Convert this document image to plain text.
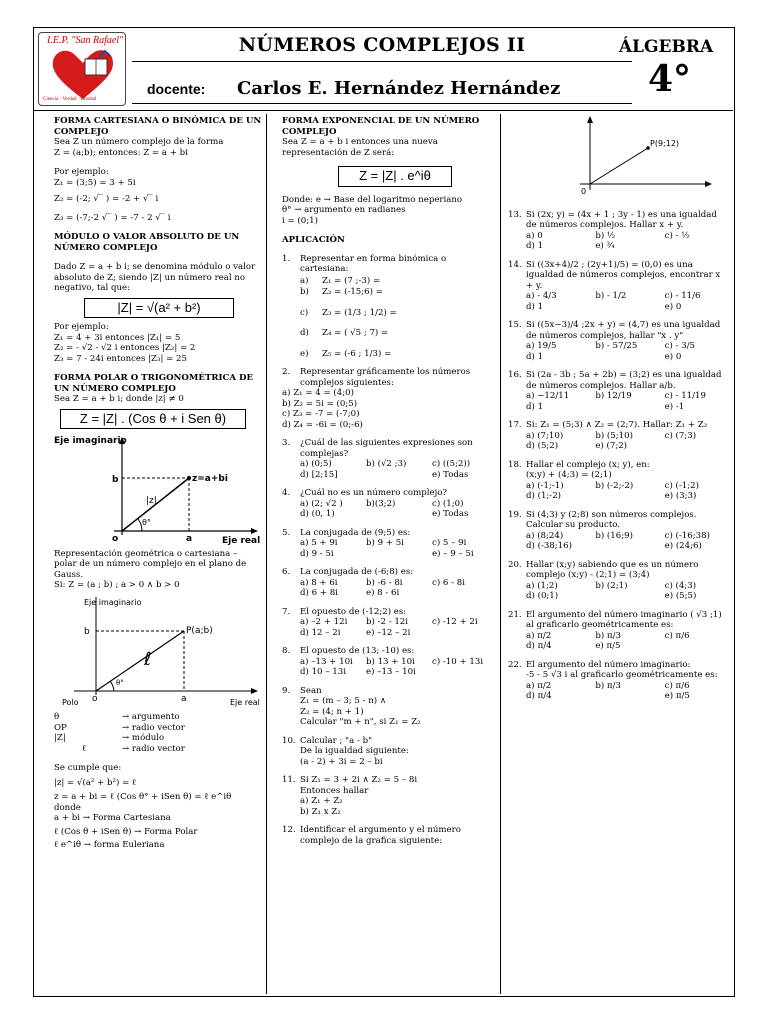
I.E.P. "San Rafael"
Ciencia · Verdad · Bondad
NÚMEROS COMPLEJOS II
docente: Carlos E. Hernández Hernández
ÁLGEBRA
4°
FORMA CARTESIANA O BINÓMICA DE UN COMPLEJO
Sea Z un número complejo de la forma
Z = (a;b); entonces: Z = a + bi
Por ejemplo:
Z₁ = (3;5) = 3 + 5i
Z₂ = (-2; √‾ ) = -2 + √‾ i
Z₃ = (-7;-2 √‾ ) = -7 - 2 √‾ i
MÓDULO O VALOR ABSOLUTO DE UN NÚMERO COMPLEJO
Dado Z = a + b i; se denomina módulo o valor absoluto de Z; siendo |Z| un número real no negativo, tal que:
|Z| = √(a² + b²)
Por ejemplo:
Z₁ = 4 + 3i entonces |Z₁| = 5
Z₂ = - √2 - √2 i entonces |Z₂| = 2
Z₃ = 7 - 24i entonces |Z₃| = 25
FORMA POLAR O TRIGONOMÉTRICA DE UN NÚMERO COMPLEJO
Sea Z = a + b i; donde |z| ≠ 0
Z = |Z| . (Cos θ + i Sen θ)
Eje imaginario
Eje real
z=a+bi
|z|
θ°
b
a
o
Representación geométrica o cartesiana – polar de un número complejo en el plano de Gauss.
Si: Z = (a ; b) ; a > 0 ∧ b > 0
Eje imaginario
Eje real
P(a;b)
ℓ
θ°
b
a
o
Polo
θ	→ argumento
OP	→ radio vector
|Z|	→ módulo
ℓ	→ radio vector
Se cumple que:
|z| = √(a² + b²) = ℓ
z = a + bi = ℓ (Cos θ° + iSen θ) = ℓ e^iθ
donde
a + bi → Forma Cartesiana
ℓ (Cos θ + iSen θ) → Forma Polar
ℓ e^iθ → forma Euleriana
FORMA EXPONENCIAL DE UN NÚMERO COMPLEJO
Sea Z = a + b i entonces una nueva representación de Z será:
Z = |Z| . e^iθ
Donde: e → Base del logaritmo neperiano
θ° → argumento en radianes
i = (0;1)
APLICACIÓN
1.	Representar en forma binómica o cartesiana:
a)	Z₁ = (7 ;-3) =
b)	Z₂ = (-15;6) =
c)	Z₃ = (1/3 ; 1/2) =
d)	Z₄ = ( √5 ; 7) =
e)	Z₅ = (-6 ; 1/3) =
2.	Representar gráficamente los números complejos siguientes:
a) Z₁ = 4 = (4;0)
b) Z₂ = 5i = (0;5)
c) Z₃ = -7 = (-7;0)
d) Z₄ = -6i = (0;-6)
3.	¿Cuál de las siguientes expresiones son complejas?
a) (0;5)	b) (√2 ;3)	c) ((5;2))
d) [2;15]	e) Todas
4.	¿Cuál no es un número complejo?
a) (2; √2 )	b)(3;2)	c) (1;0)
d) (0, 1)	e) Todas
5.	La conjugada de (9;5) es:
a) 5 + 9i	b) 9 + 5i	c) 5 – 9i
d) 9 - 5i	e) – 9 – 5i
6.	La conjugada de (-6;8) es:
a) 8 + 6i	b) -6 - 8i	c) 6 - 8i
d) 6 + 8i	e) 8 - 6i
7.	El opuesto de (-12;2) es:
a) –2 + 12i	b) -2 - 12i	c) -12 + 2i
d) 12 – 2i	e) –12 – 2i
8.	El opuesto de (13; -10) es:
a) –13 + 10i	b) 13 + 10i	c) -10 + 13i
d) 10 – 13i	e) –13 – 10i
9.	Sean
Z₁ = (m – 3; 5 - n) ∧
Z₂ = (4; n + 1)
Calcular "m + n", si Z₁ = Z₂
10. Calcular ; "a - b"
De la igualdad siguiente:
(a - 2) + 3i = 2 – bi
11. Si Z₁ = 3 + 2i ∧ Z₂ = 5 – 8i
Entonces hallar
a) Z₁ + Z₂
b) Z₁ x Z₂
12. Identificar el argumento y el número complejo de la grafica siguiente:
P(9;12)
0
13. Si (2x; y) = (4x + 1 ; 3y - 1) es una igualdad de números complejos. Hallar x + y.
a) 0	b) ½	c) - ½
d) 1	e) ¾
14. Si ((3x+4)/2 ; (2y+1)/5) = (0,0) es una igualdad de números complejos, encontrar x + y.
a) - 4/3	b) - 1/2	c) - 11/6
d) 1	e) 0
15. Si ((5x−3)/4 ;2x + y) = (4,7) es una igualdad de números complejos, hallar "x . y"
a) 19/5	b) - 57/25	c) - 3/5
d) 1	e) 0
16. Si (2a - 3b ; 5a + 2b) = (3;2) es una igualdad de números complejos. Hallar a/b.
a) −12/11	b) 12/19	c) - 11/19
d) 1	e) -1
17. Si: Z₁ = (5;3) ∧ Z₂ = (2;7). Hallar: Z₁ + Z₂
a) (7;10)	b) (5;10)	c) (7;3)
d) (5;2)	e) (7;2)
18. Hallar el complejo (x; y), en:
(x;y) + (4;3) = (2;1)
a) (-1;-1)	b) (-2;-2)	c) (-1;2)
d) (1;-2)	e) (3;3)
19. Si (4;3) y (2;8) son números complejos. Calcular su producto.
a) (8;24)	b) (16;9)	c) (-16;38)
d) (-38;16)	e) (24;6)
20. Hallar (x;y) sabiendo que es un número complejo (x;y) - (2;1) = (3;4)
a) (1;2)	b) (2;1)	c) (4;3)
d) (0;1)	e) (5;5)
21. El argumento del número imaginario ( √3 ;1) al graficarlo geométricamente es:
a) π/2	b) π/3	c) π/6
d) π/4	e) π/5
22. El argumento del número imaginario:
-5 - 5 √3 i al graficarlo geométricamente es:
a) π/2	b) π/3	c) π/6
d) π/4	e) π/5
